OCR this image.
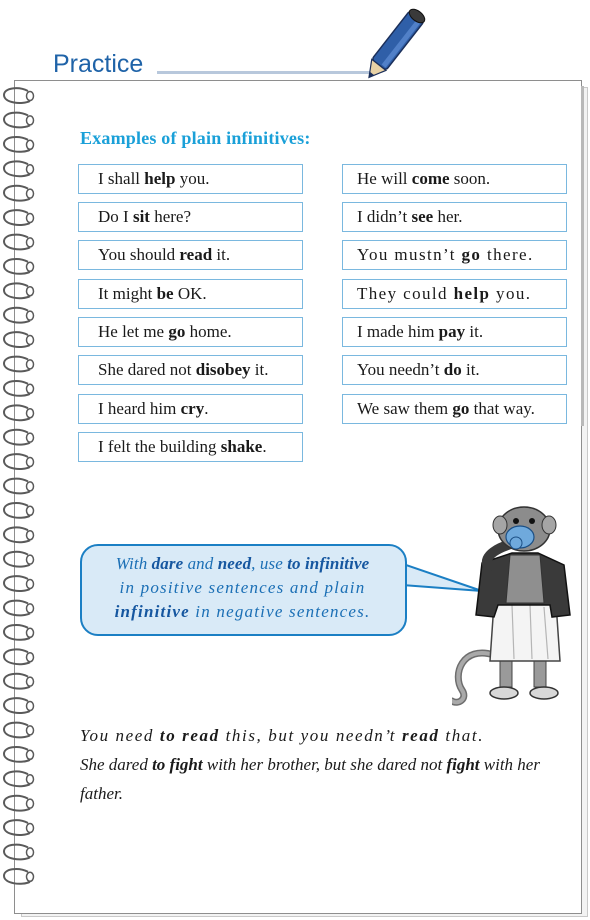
Practice
Examples of plain infinitives:
I shall help you.
Do I sit here?
You should read it.
It might be OK.
He let me go home.
She dared not disobey it.
I heard him cry.
I felt the building shake.
He will come soon.
I didn’t see her.
You mustn’t go there.
They could help you.
I made him pay it.
You needn’t do it.
We saw them go that way.
With dare and need, use to infinitive
in positive sentences and plain
infinitive in negative sentences.
You need to read this, but you needn’t read that.
She dared to fight with her brother, but she dared not fight with her father.
